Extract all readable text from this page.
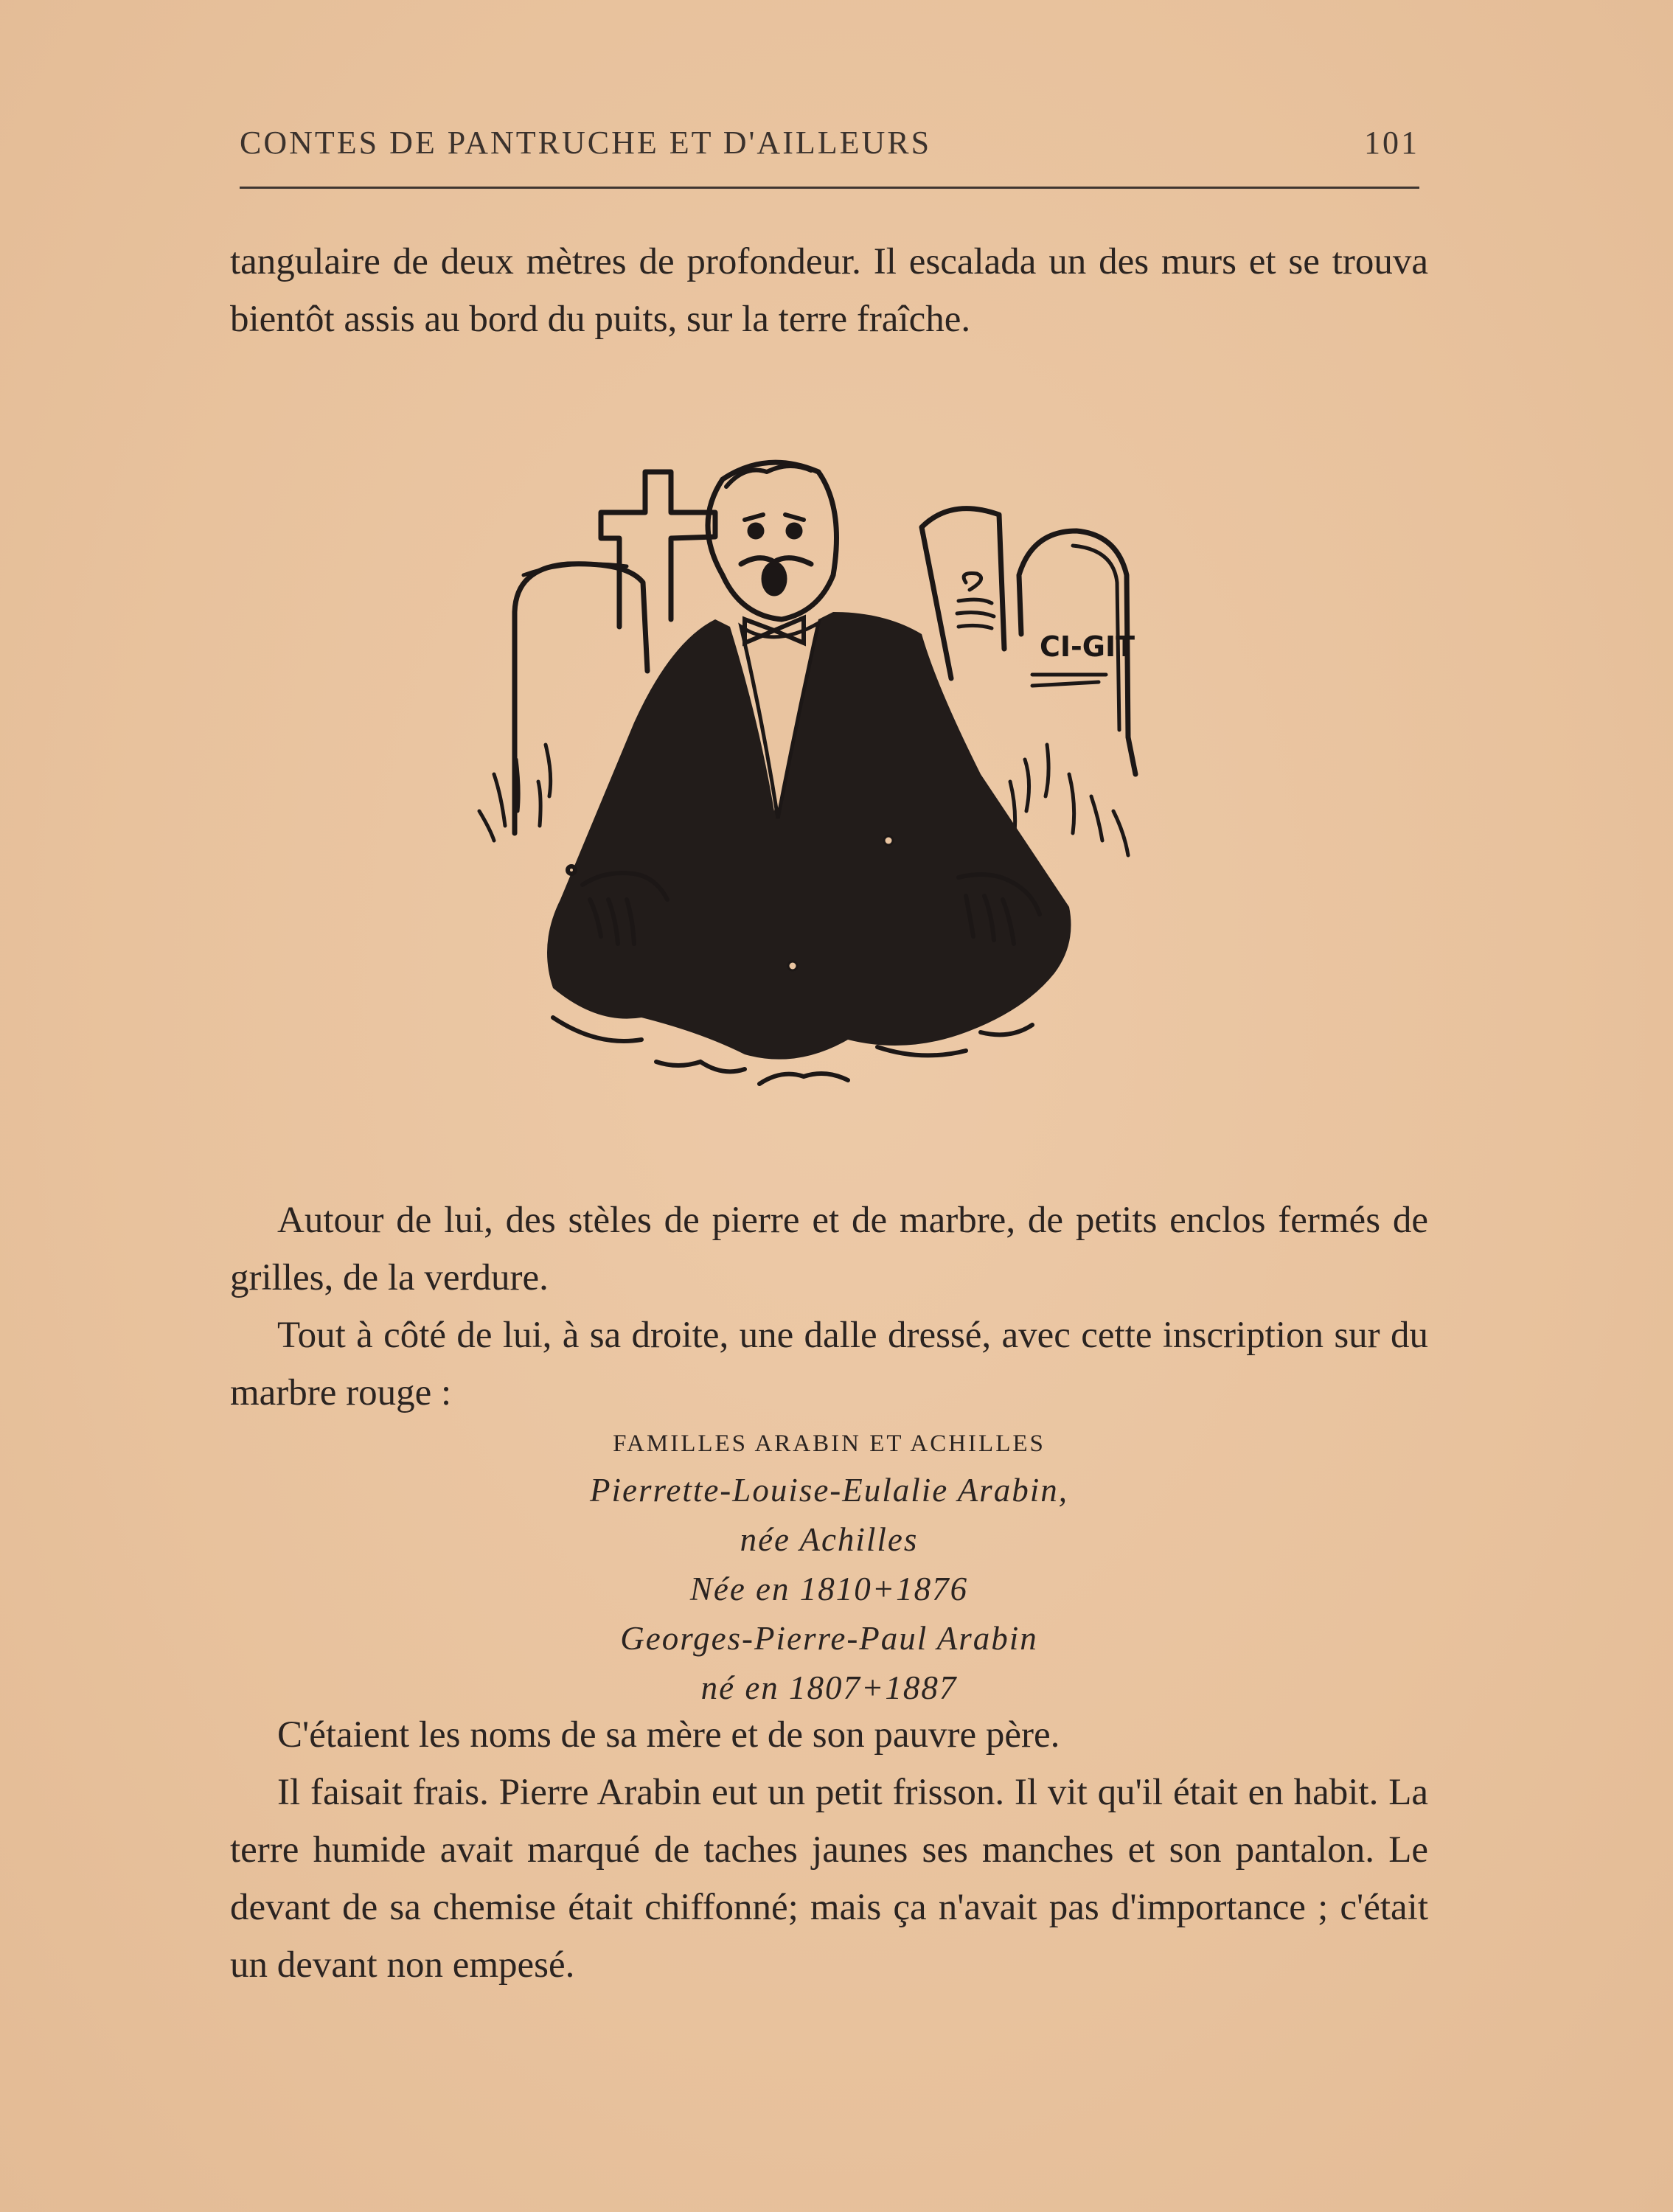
CONTES DE PANTRUCHE ET D'AILLEURS	101

tangulaire de deux mètres de profondeur. Il escalada un des murs et se trouva bientôt assis au bord du puits, sur la terre fraîche.

CI-GIT

Autour de lui, des stèles de pierre et de marbre, de petits enclos fermés de grilles, de la verdure.

Tout à côté de lui, à sa droite, une dalle dressé, avec cette inscription sur du marbre rouge :

FAMILLES ARABIN ET ACHILLES
Pierrette-Louise-Eulalie Arabin,
née Achilles
Née en 1810+1876
Georges-Pierre-Paul Arabin
né en 1807+1887

C'étaient les noms de sa mère et de son pauvre père.

Il faisait frais. Pierre Arabin eut un petit frisson. Il vit qu'il était en habit. La terre humide avait marqué de taches jaunes ses manches et son pantalon. Le devant de sa chemise était chiffonné; mais ça n'avait pas d'importance ; c'était un devant non empesé.
